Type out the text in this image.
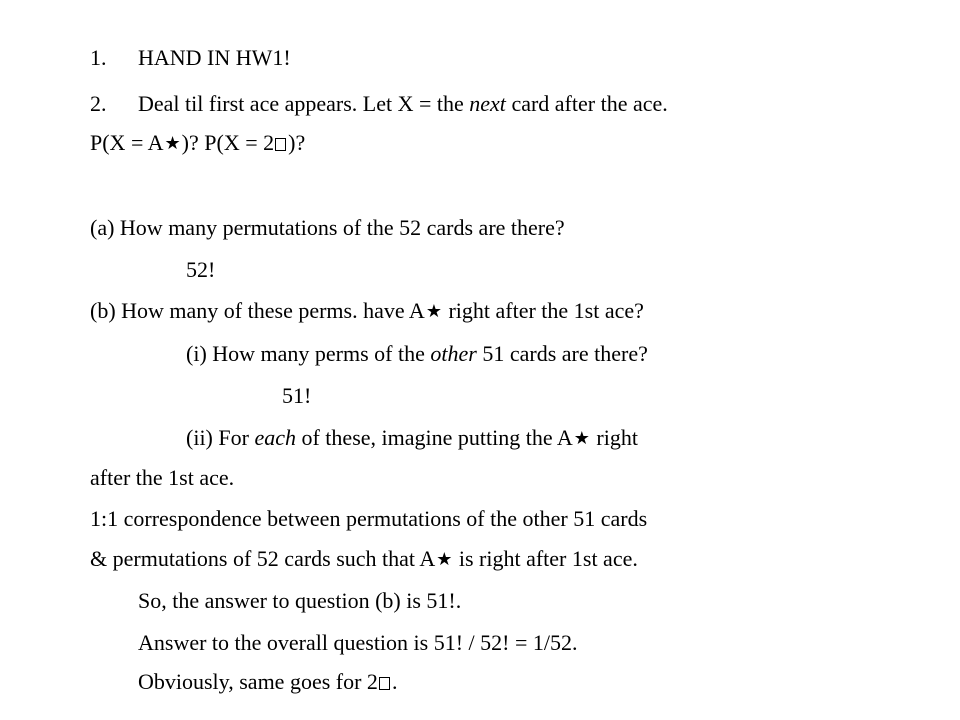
1. HAND IN HW1!
2. Deal til first ace appears. Let X = the next card after the ace.
P(X = A★)? P(X = 2 )?
(a) How many permutations of the 52 cards are there?
52!
(b) How many of these perms. have A★ right after the 1st ace?
(i) How many perms of the other 51 cards are there?
51!
(ii) For each of these, imagine putting the A★ right
after the 1st ace.
1:1 correspondence between permutations of the other 51 cards
& permutations of 52 cards such that A★ is right after 1st ace.
So, the answer to question (b) is 51!.
Answer to the overall question is 51! / 52! = 1/52.
Obviously, same goes for 2 .
